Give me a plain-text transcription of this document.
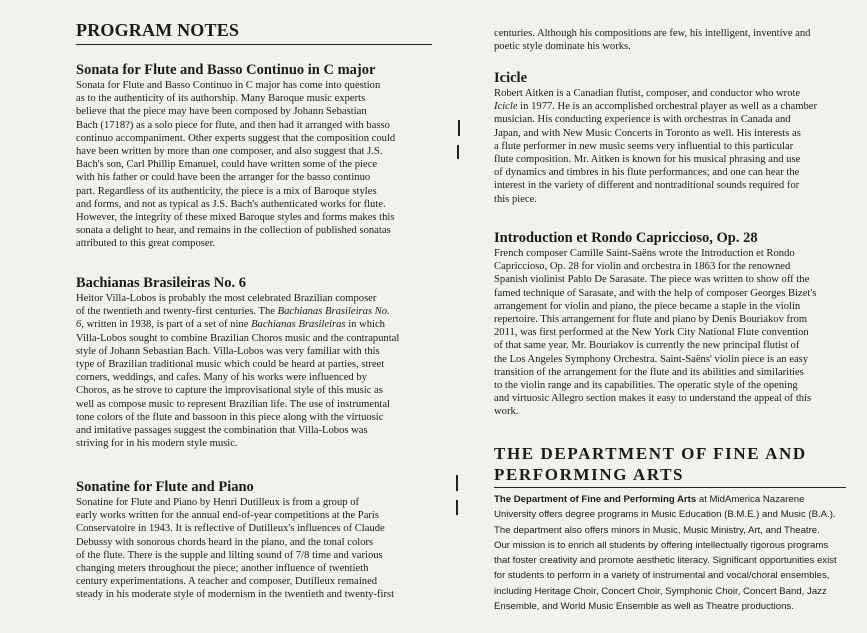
PROGRAM NOTES
Sonata for Flute and Basso Continuo in C major

Sonata for Flute and Basso Continuo in C major has come into question
as to the authenticity of its authorship. Many Baroque music experts
believe that the piece may have been composed by Johann Sebastian
Bach (1718?) as a solo piece for flute, and then had it arranged with basso
continuo accompaniment. Other experts suggest that the composition could
have been written by more than one composer, and also suggest that J.S.
Bach's son, Carl Phillip Emanuel, could have written some of the piece
with his father or could have been the arranger for the basso continuo
part. Regardless of its authenticity, the piece is a mix of Baroque styles
and forms, and not as typical as J.S. Bach's authenticated works for flute.
However, the integrity of these mixed Baroque styles and forms makes this
sonata a delight to hear, and remains in the collection of published sonatas
attributed to this great composer.

Bachianas Brasileiras No. 6

Heitor Villa-Lobos is probably the most celebrated Brazilian composer
of the twentieth and twenty-first centuries. The Bachianas Brasileiras No.
6, written in 1938, is part of a set of nine Bachianas Brasileiras in which
Villa-Lobos sought to combine Brazilian Choros music and the contrapuntal
style of Johann Sebastian Bach. Villa-Lobos was very familiar with this
type of Brazilian traditional music which could be heard at parties, street
corners, weddings, and cafes. Many of his works were influenced by
Choros, as he strove to capture the improvisational style of this music as
well as compose music to represent Brazilian life. The use of instrumental
tone colors of the flute and bassoon in this piece along with the virtuosic
and imitative passages suggest the combination that Villa-Lobos was
striving for in his modern style music.

Sonatine for Flute and Piano

Sonatine for Flute and Piano by Henri Dutilleux is from a group of
early works written for the annual end-of-year competitions at the Paris
Conservatoire in 1943. It is reflective of Dutilleux's influences of Claude
Debussy with sonorous chords heard in the piano, and the tonal colors
of the flute. There is the supple and lilting sound of 7/8 time and various
changing meters throughout the piece; another influence of twentieth
century experimentations. A teacher and composer, Dutilleux remained
steady in his moderate style of modernism in the twentieth and twenty-first

centuries. Although his compositions are few, his intelligent, inventive and
poetic style dominate his works.

Icicle

Robert Aitken is a Canadian flutist, composer, and conductor who wrote
Icicle in 1977. He is an accomplished orchestral player as well as a chamber
musician. His conducting experience is with orchestras in Canada and
Japan, and with New Music Concerts in Toronto as well. His interests as
a flute performer in new music seems very influential to this particular
flute composition. Mr. Aitken is known for his musical phrasing and use
of dynamics and timbres in his flute performances; and one can hear the
interest in the variety of different and nontraditional sounds required for
this piece.

Introduction et Rondo Capriccioso, Op. 28

French composer Camille Saint-Saëns wrote the Introduction et Rondo
Capriccioso, Op. 28 for violin and orchestra in 1863 for the renowned
Spanish violinist Pablo De Sarasate. The piece was written to show off the
famed technique of Sarasate, and with the help of composer Georges Bizet's
arrangement for violin and piano, the piece became a staple in the violin
repertoire. This arrangement for flute and piano by Denis Bouriakov from
2011, was first performed at the New York City National Flute convention
of that same year. Mr. Bouriakov is currently the new principal flutist of
the Los Angeles Symphony Orchestra. Saint-Saëns' violin piece is an easy
transition of the arrangement for the flute and its abilities and similarities
to the violin range and its capabilities. The operatic style of the opening
and virtuosic Allegro section makes it easy to understand the appeal of this
work.

THE DEPARTMENT OF FINE AND
PERFORMING ARTS

The Department of Fine and Performing Arts at MidAmerica Nazarene
University offers degree programs in Music Education (B.M.E.) and Music (B.A.).
The department also offers minors in Music, Music Ministry, Art, and Theatre.
Our mission is to enrich all students by offering intellectually rigorous programs
that foster creativity and promote aesthetic literacy. Significant opportunities exist
for students to perform in a variety of instrumental and vocal/choral ensembles,
including Heritage Choir, Concert Choir, Symphonic Choir, Concert Band, Jazz
Ensemble, and World Music Ensemble as well as Theatre productions.
